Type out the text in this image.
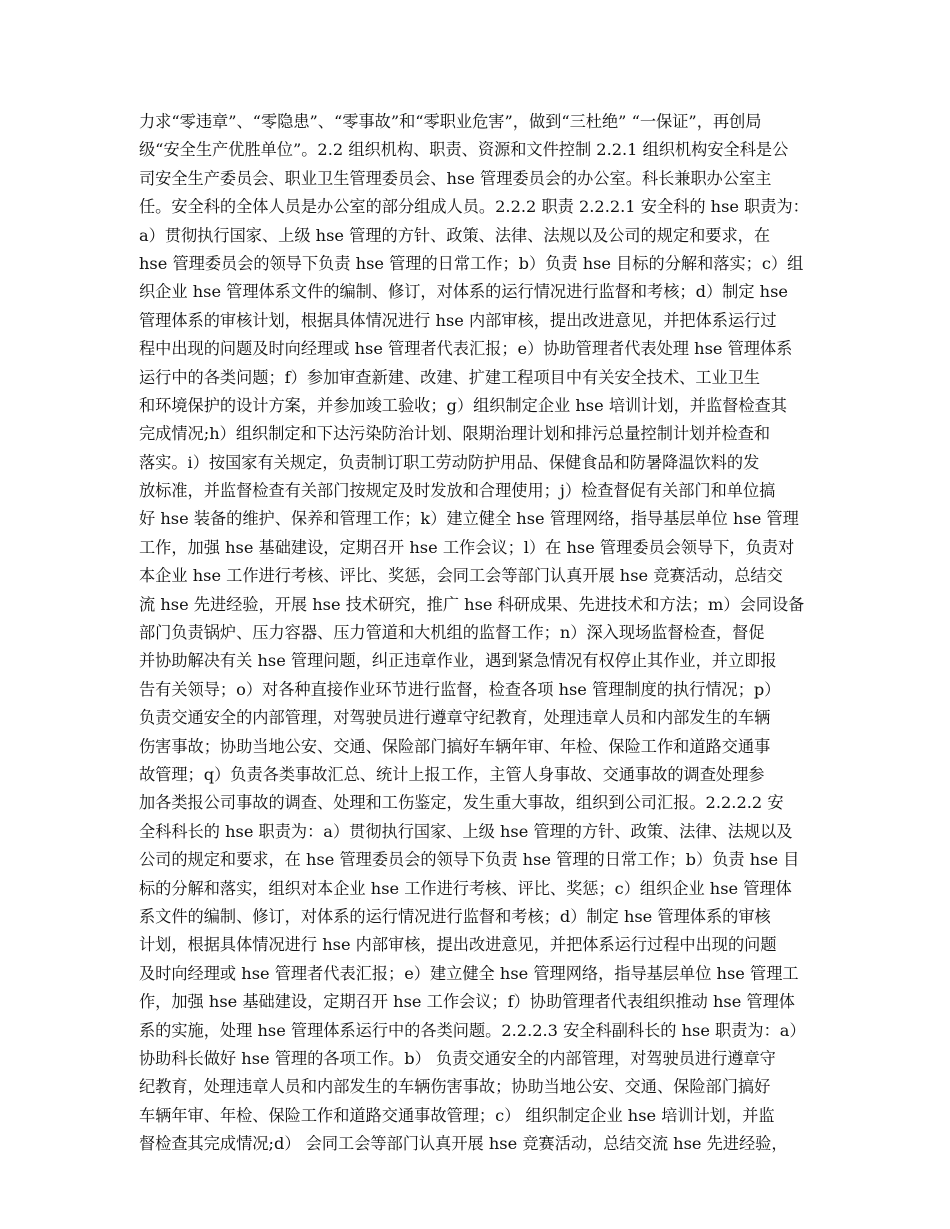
力求“零违章”、“零隐患”、“零事故”和“零职业危害”，做到“三杜绝” “一保证”，再创局
级“安全生产优胜单位”。2.2 组织机构、职责、资源和文件控制 2.2.1 组织机构安全科是公
司安全生产委员会、职业卫生管理委员会、hse 管理委员会的办公室。科长兼职办公室主
任。安全科的全体人员是办公室的部分组成人员。2.2.2 职责 2.2.2.1 安全科的 hse 职责为：
a）贯彻执行国家、上级 hse 管理的方针、政策、法律、法规以及公司的规定和要求，在
hse 管理委员会的领导下负责 hse 管理的日常工作；b）负责 hse 目标的分解和落实；c）组
织企业 hse 管理体系文件的编制、修订，对体系的运行情况进行监督和考核；d）制定 hse
管理体系的审核计划，根据具体情况进行 hse 内部审核，提出改进意见，并把体系运行过
程中出现的问题及时向经理或 hse 管理者代表汇报；e）协助管理者代表处理 hse 管理体系
运行中的各类问题；f）参加审查新建、改建、扩建工程项目中有关安全技术、工业卫生
和环境保护的设计方案，并参加竣工验收；g）组织制定企业 hse 培训计划，并监督检查其
完成情况;h）组织制定和下达污染防治计划、限期治理计划和排污总量控制计划并检查和
落实。i）按国家有关规定，负责制订职工劳动防护用品、保健食品和防暑降温饮料的发
放标准，并监督检查有关部门按规定及时发放和合理使用；j）检查督促有关部门和单位搞
好 hse 装备的维护、保养和管理工作；k）建立健全 hse 管理网络，指导基层单位 hse 管理
工作，加强 hse 基础建设，定期召开 hse 工作会议；l）在 hse 管理委员会领导下，负责对
本企业 hse 工作进行考核、评比、奖惩，会同工会等部门认真开展 hse 竞赛活动，总结交
流 hse 先进经验，开展 hse 技术研究，推广 hse 科研成果、先进技术和方法；m）会同设备
部门负责锅炉、压力容器、压力管道和大机组的监督工作；n）深入现场监督检查，督促
并协助解决有关 hse 管理问题，纠正违章作业，遇到紧急情况有权停止其作业，并立即报
告有关领导；o）对各种直接作业环节进行监督，检查各项 hse 管理制度的执行情况；p）
负责交通安全的内部管理，对驾驶员进行遵章守纪教育，处理违章人员和内部发生的车辆
伤害事故；协助当地公安、交通、保险部门搞好车辆年审、年检、保险工作和道路交通事
故管理；q）负责各类事故汇总、统计上报工作，主管人身事故、交通事故的调查处理参
加各类报公司事故的调查、处理和工伤鉴定，发生重大事故，组织到公司汇报。2.2.2.2 安
全科科长的 hse 职责为：a）贯彻执行国家、上级 hse 管理的方针、政策、法律、法规以及
公司的规定和要求，在 hse 管理委员会的领导下负责 hse 管理的日常工作；b）负责 hse 目
标的分解和落实，组织对本企业 hse 工作进行考核、评比、奖惩；c）组织企业 hse 管理体
系文件的编制、修订，对体系的运行情况进行监督和考核；d）制定 hse 管理体系的审核
计划，根据具体情况进行 hse 内部审核，提出改进意见，并把体系运行过程中出现的问题
及时向经理或 hse 管理者代表汇报；e）建立健全 hse 管理网络，指导基层单位 hse 管理工
作，加强 hse 基础建设，定期召开 hse 工作会议；f）协助管理者代表组织推动 hse 管理体
系的实施，处理 hse 管理体系运行中的各类问题。2.2.2.3 安全科副科长的 hse 职责为：a）
协助科长做好 hse 管理的各项工作。b） 负责交通安全的内部管理，对驾驶员进行遵章守
纪教育，处理违章人员和内部发生的车辆伤害事故；协助当地公安、交通、保险部门搞好
车辆年审、年检、保险工作和道路交通事故管理；c） 组织制定企业 hse 培训计划，并监
督检查其完成情况;d） 会同工会等部门认真开展 hse 竞赛活动，总结交流 hse 先进经验，
